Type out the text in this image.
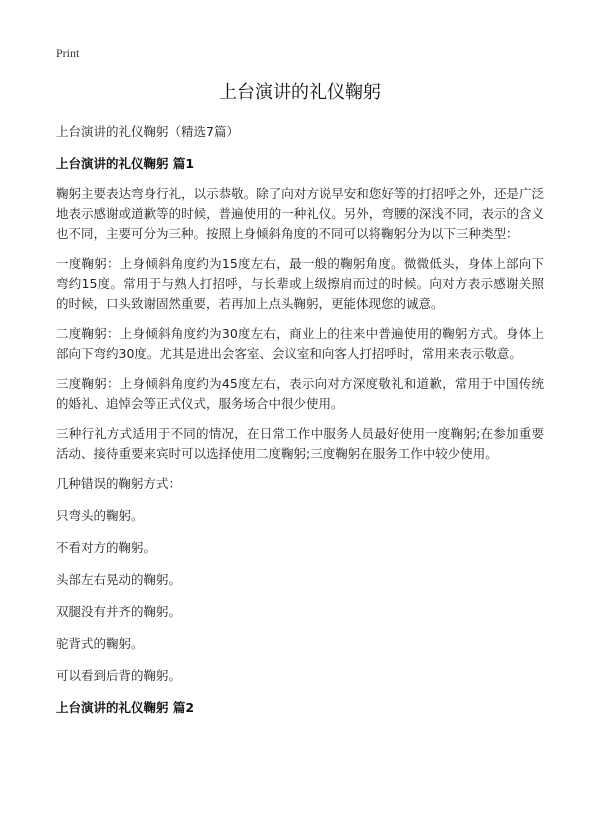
Print
上台演讲的礼仪鞠躬

上台演讲的礼仪鞠躬（精选7篇）

上台演讲的礼仪鞠躬 篇1

鞠躬主要表达弯身行礼，以示恭敬。除了向对方说早安和您好等的打招呼之外，还是广泛地表示感谢或道歉等的时候，普遍使用的一种礼仪。另外，弯腰的深浅不同，表示的含义也不同，主要可分为三种。按照上身倾斜角度的不同可以将鞠躬分为以下三种类型：

一度鞠躬：上身倾斜角度约为15度左右，最一般的鞠躬角度。微微低头，身体上部向下弯约15度。常用于与熟人打招呼，与长辈或上级擦肩而过的时候。向对方表示感谢关照的时候，口头致谢固然重要，若再加上点头鞠躬，更能体现您的诚意。

二度鞠躬：上身倾斜角度约为30度左右，商业上的往来中普遍使用的鞠躬方式。身体上部向下弯约30度。尤其是进出会客室、会议室和向客人打招呼时，常用来表示敬意。

三度鞠躬：上身倾斜角度约为45度左右，表示向对方深度敬礼和道歉，常用于中国传统的婚礼、追悼会等正式仪式，服务场合中很少使用。

三种行礼方式适用于不同的情况，在日常工作中服务人员最好使用一度鞠躬;在参加重要活动、接待重要来宾时可以选择使用二度鞠躬;三度鞠躬在服务工作中较少使用。

几种错误的鞠躬方式：

只弯头的鞠躬。

不看对方的鞠躬。

头部左右晃动的鞠躬。

双腿没有并齐的鞠躬。

驼背式的鞠躬。

可以看到后背的鞠躬。

上台演讲的礼仪鞠躬 篇2
